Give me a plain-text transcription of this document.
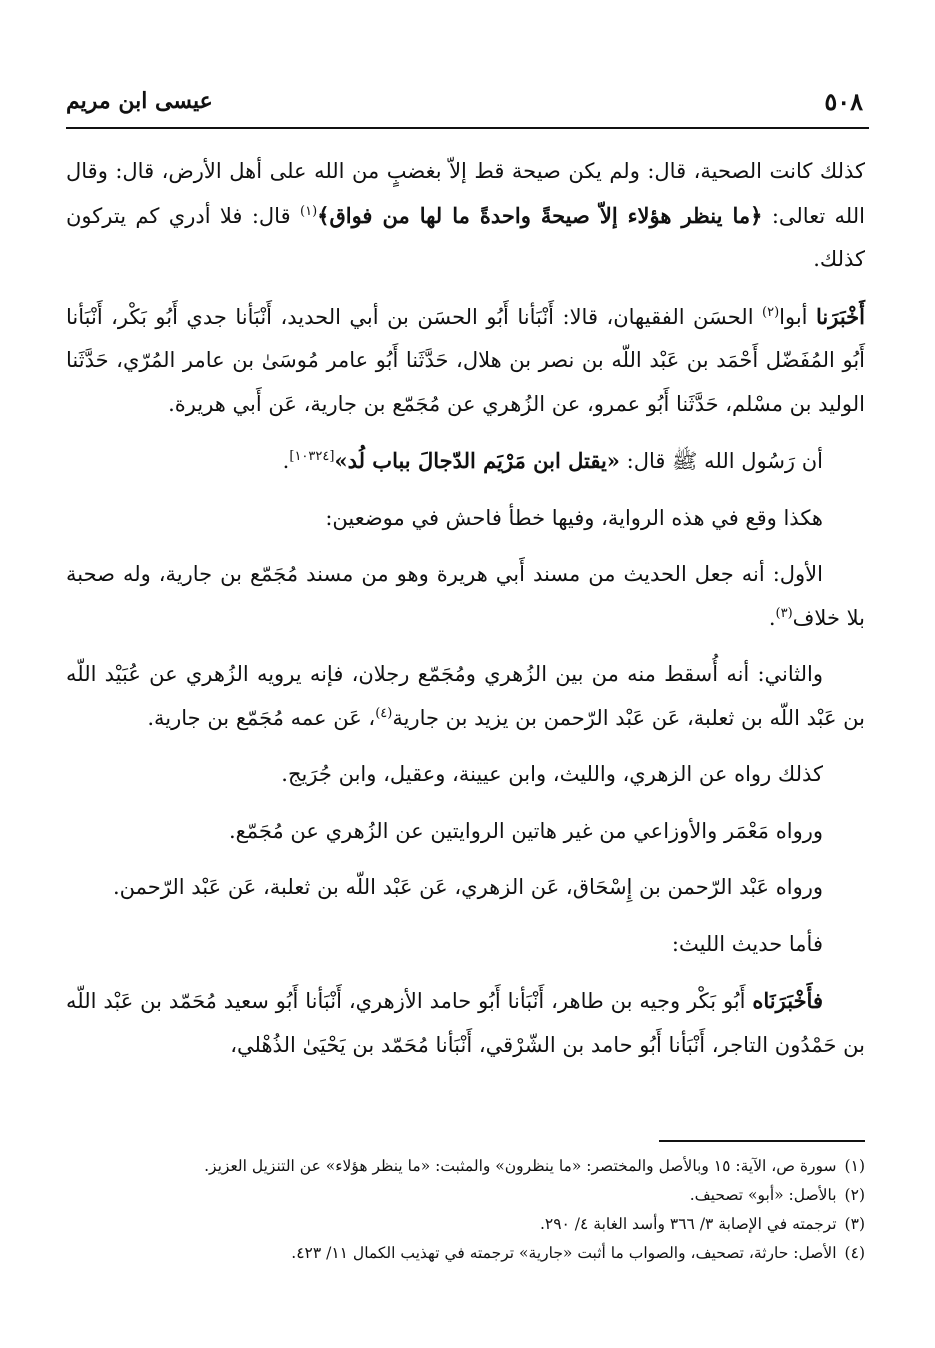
٥٠٨
عيسى ابن مريم

كذلك كانت الصحية، قال: ولم يكن صيحة قط إلاّ بغضبٍ من الله على أهل الأرض، قال: وقال الله تعالى: ﴿ما ينظر هؤلاء إلاّ صيحةً واحدةً ما لها من فواق﴾$^{(١)}$ قال: فلا أدري كم يتركون كذلك.

أَخْبَرَنا أبوا$^{(٢)}$ الحسَن الفقيهان، قالا: أَنْبَأنا أَبُو الحسَن بن أبي الحديد، أَنْبَأنا جدي أَبُو بَكْر، أَنْبَأنا أَبُو المُفَضّل أَحْمَد بن عَبْد اللّه بن نصر بن هلال، حَدَّثَنا أَبُو عامر مُوسَىٰ بن عامر المُرّي، حَدَّثَنا الوليد بن مسْلم، حَدَّثَنا أَبُو عمرو، عن الزُهري عن مُجَمّع بن جارية، عَن أَبي هريرة.

أن رَسُول الله ﷺ قال: «يقتل ابن مَرْيَم الدّجالَ بباب لُد»[١٠٣٢٤].

هكذا وقع في هذه الرواية، وفيها خطأ فاحش في موضعين:

الأول: أنه جعل الحديث من مسند أَبي هريرة وهو من مسند مُجَمّع بن جارية، وله صحبة بلا خلاف$^{(٣)}$.

والثاني: أنه أُسقط منه من بين الزُهري ومُجَمّع رجلان، فإنه يرويه الزُهري عن عُبَيْد اللّه بن عَبْد اللّه بن ثعلبة، عَن عَبْد الرّحمن بن يزيد بن جارية$^{(٤)}$، عَن عمه مُجَمّع بن جارية.

كذلك رواه عن الزهري، والليث، وابن عيينة، وعقيل، وابن جُرَيج.

ورواه مَعْمَر والأوزاعي من غير هاتين الروايتين عن الزُهري عن مُجَمّع.

ورواه عَبْد الرّحمن بن إِسْحَاق، عَن الزهري، عَن عَبْد اللّه بن ثعلبة، عَن عَبْد الرّحمن.

فأما حديث الليث:

فأَخْبَرَنَاه أَبُو بَكْر وجيه بن طاهر، أَنْبَأنا أَبُو حامد الأزهري، أَنْبَأنا أَبُو سعيد مُحَمّد بن عَبْد اللّه بن حَمْدُون التاجر، أَنْبَأنا أَبُو حامد بن الشّرْقي، أَنْبَأنا مُحَمّد بن يَحْيَىٰ الذُهْلي،

(١)
سورة ص، الآية: ١٥ وبالأصل والمختصر: «ما ينظرون» والمثبت: «ما ينظر هؤلاء» عن التنزيل العزيز.
(٢)
بالأصل: «أبو» تصحيف.
(٣)
ترجمته في الإصابة ٣/ ٣٦٦ وأسد الغابة ٤/ ٢٩٠.
(٤)
الأصل: حارثة، تصحيف، والصواب ما أثبت «جارية» ترجمته في تهذيب الكمال ١١/ ٤٢٣.
